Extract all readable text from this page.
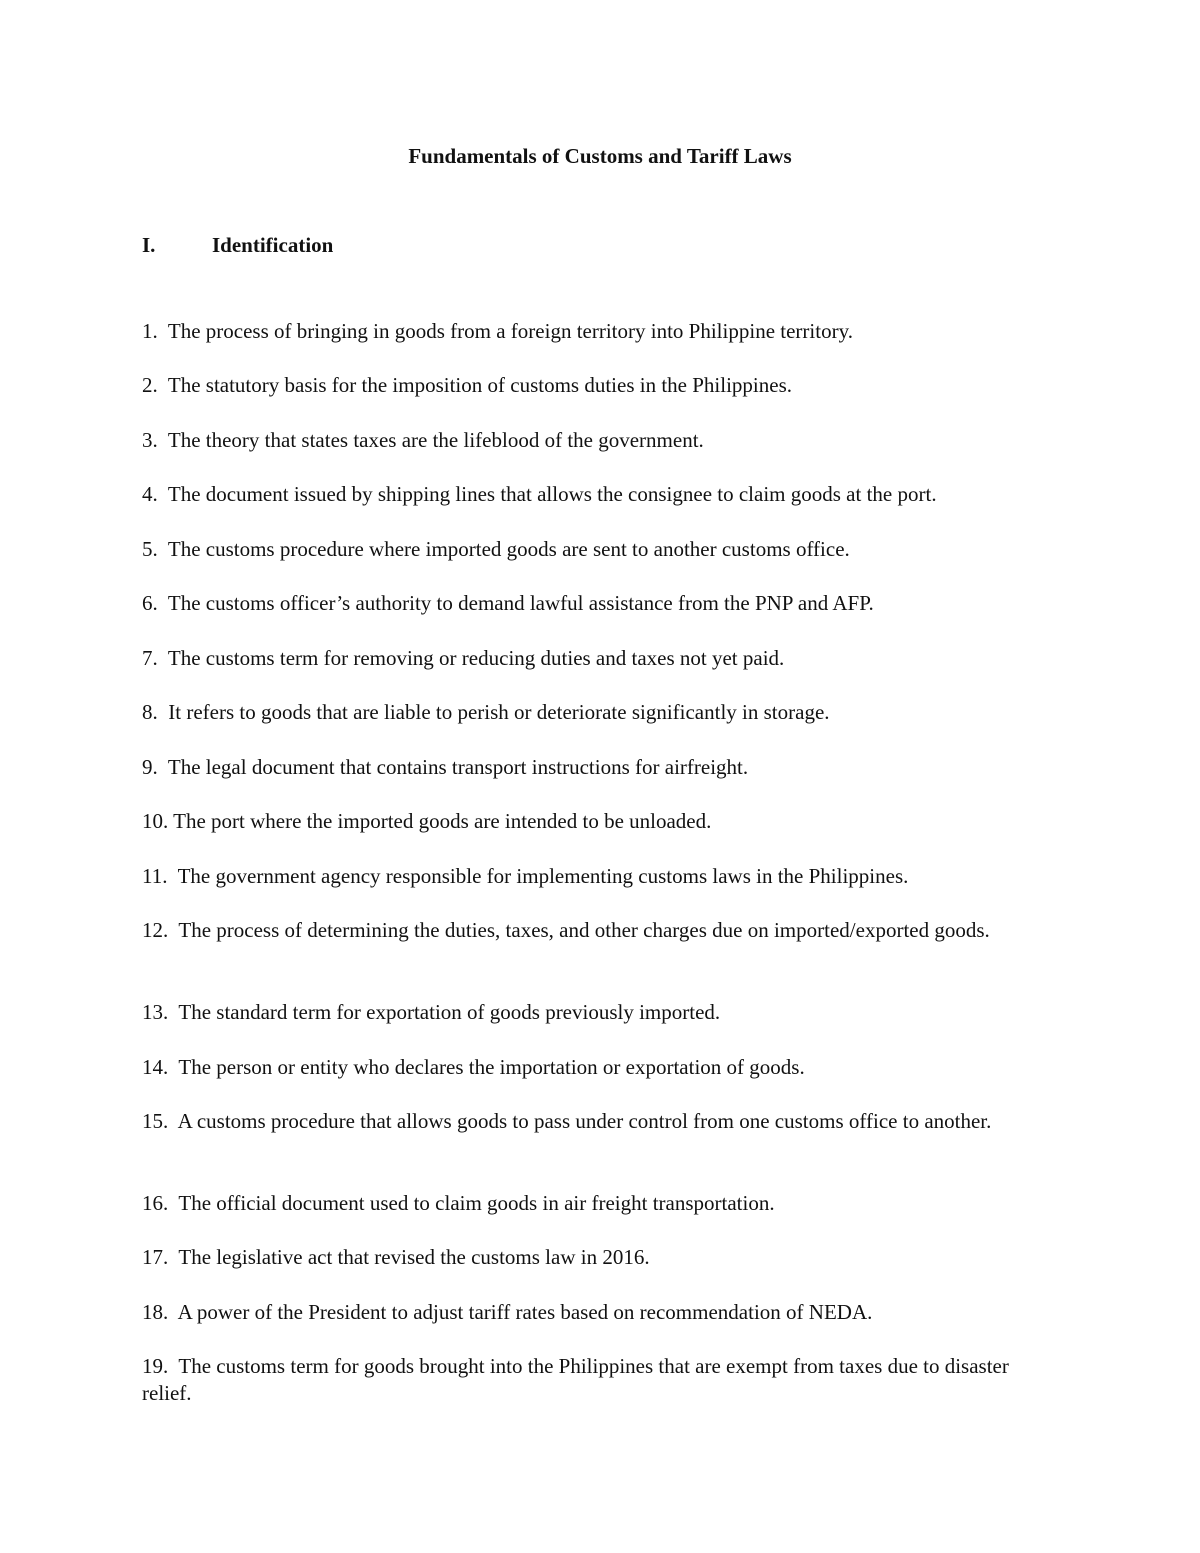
Fundamentals of Customs and Tariff Laws
I.	Identification
1. The process of bringing in goods from a foreign territory into Philippine territory.
2. The statutory basis for the imposition of customs duties in the Philippines.
3. The theory that states taxes are the lifeblood of the government.
4. The document issued by shipping lines that allows the consignee to claim goods at the port.
5. The customs procedure where imported goods are sent to another customs office.
6. The customs officer’s authority to demand lawful assistance from the PNP and AFP.
7. The customs term for removing or reducing duties and taxes not yet paid.
8. It refers to goods that are liable to perish or deteriorate significantly in storage.
9. The legal document that contains transport instructions for airfreight.
10. The port where the imported goods are intended to be unloaded.
11. The government agency responsible for implementing customs laws in the Philippines.
12. The process of determining the duties, taxes, and other charges due on imported/exported goods.
13. The standard term for exportation of goods previously imported.
14. The person or entity who declares the importation or exportation of goods.
15. A customs procedure that allows goods to pass under control from one customs office to another.
16. The official document used to claim goods in air freight transportation.
17. The legislative act that revised the customs law in 2016.
18. A power of the President to adjust tariff rates based on recommendation of NEDA.
19. The customs term for goods brought into the Philippines that are exempt from taxes due to disaster relief.
